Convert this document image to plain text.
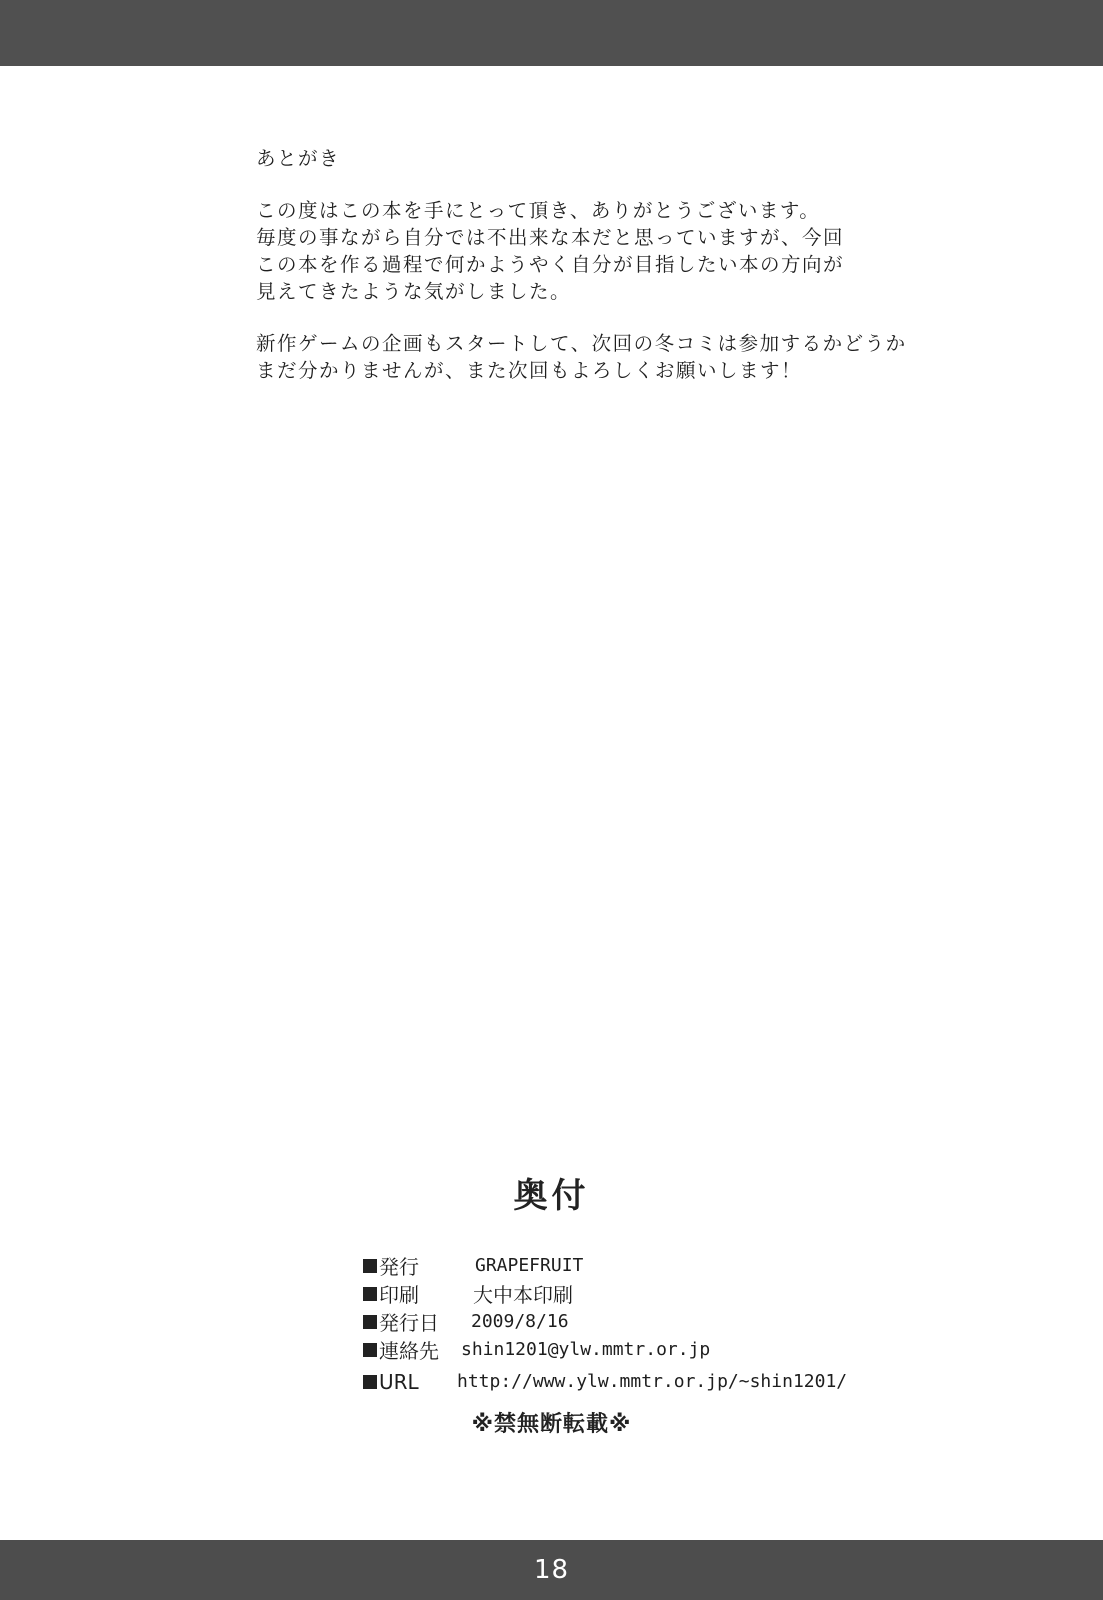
あとがき

この度はこの本を手にとって頂き、ありがとうございます。
毎度の事ながら自分では不出来な本だと思っていますが、今回
この本を作る過程で何かようやく自分が目指したい本の方向が
見えてきたような気がしました。

新作ゲームの企画もスタートして、次回の冬コミは参加するかどうか
まだ分かりませんが、また次回もよろしくお願いします！

奥付
発行	GRAPEFRUIT
印刷	大中本印刷
発行日	2009/8/16
連絡先	shin1201@ylw.mmtr.or.jp
URL	http://www.ylw.mmtr.or.jp/~shin1201/
※禁無断転載※
18
